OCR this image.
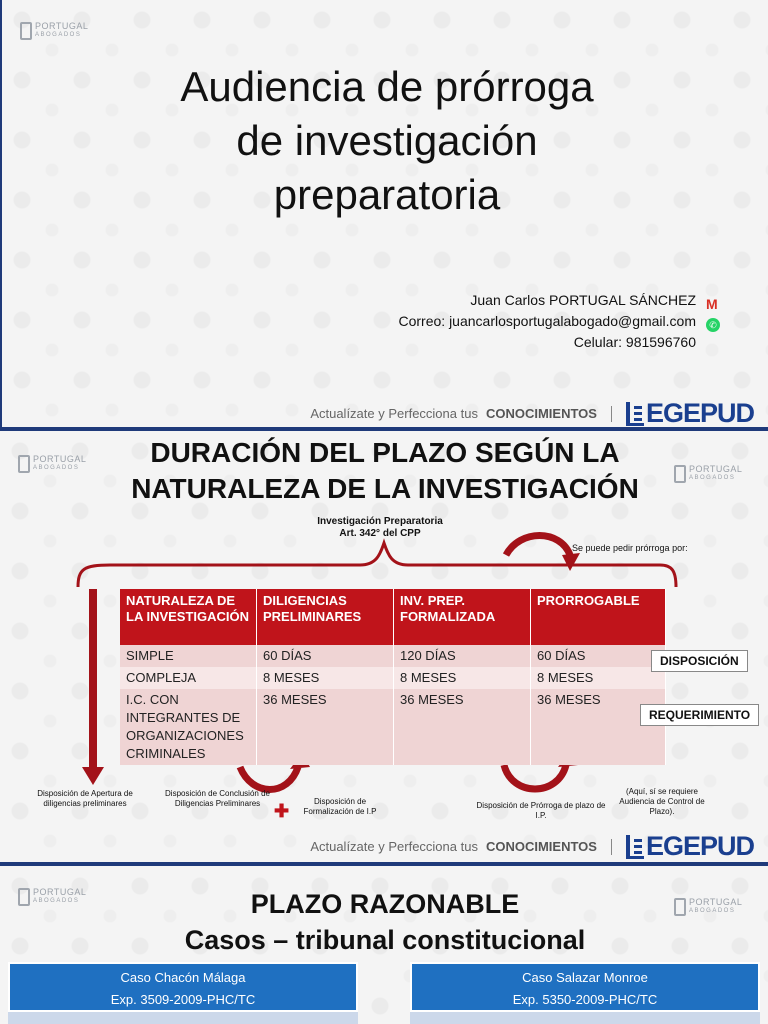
PORTUGAL
ABOGADOS
Audiencia de prórroga
de investigación
preparatoria
Juan Carlos PORTUGAL SÁNCHEZ
Correo: juancarlosportugalabogado@gmail.com
Celular: 981596760
M
✆
Actualízate y Perfecciona tus CONOCIMIENTOS EGEPUD
PORTUGAL
ABOGADOS	PORTUGAL
ABOGADOS
DURACIÓN DEL PLAZO SEGÚN LA
NATURALEZA DE LA INVESTIGACIÓN
Investigación Preparatoria
Art. 342° del CPP
Se puede pedir prórroga por:
NATURALEZA DE LA INVESTIGACIÓN	DILIGENCIAS PRELIMINARES	INV. PREP. FORMALIZADA	PRORROGABLE
SIMPLE	60 DÍAS	120 DÍAS	60 DÍAS
COMPLEJA	8 MESES	8 MESES	8 MESES
I.C. CON INTEGRANTES DE ORGANIZACIONES CRIMINALES	36 MESES	36 MESES	36 MESES
DISPOSICIÓN
REQUERIMIENTO
Disposición de Apertura de diligencias preliminares
Disposición de Conclusión de Diligencias Preliminares ✚	Disposición de Formalización de I.P
Disposición de Prórroga de plazo de I.P.
(Aquí, sí se requiere Audiencia de Control de Plazo).
Actualízate y Perfecciona tus CONOCIMIENTOS EGEPUD
PORTUGAL
ABOGADOS	PORTUGAL
ABOGADOS
PLAZO RAZONABLE
Casos – tribunal constitucional
Caso Chacón Málaga
Exp. 3509-2009-PHC/TC
Caso Salazar Monroe
Exp. 5350-2009-PHC/TC
